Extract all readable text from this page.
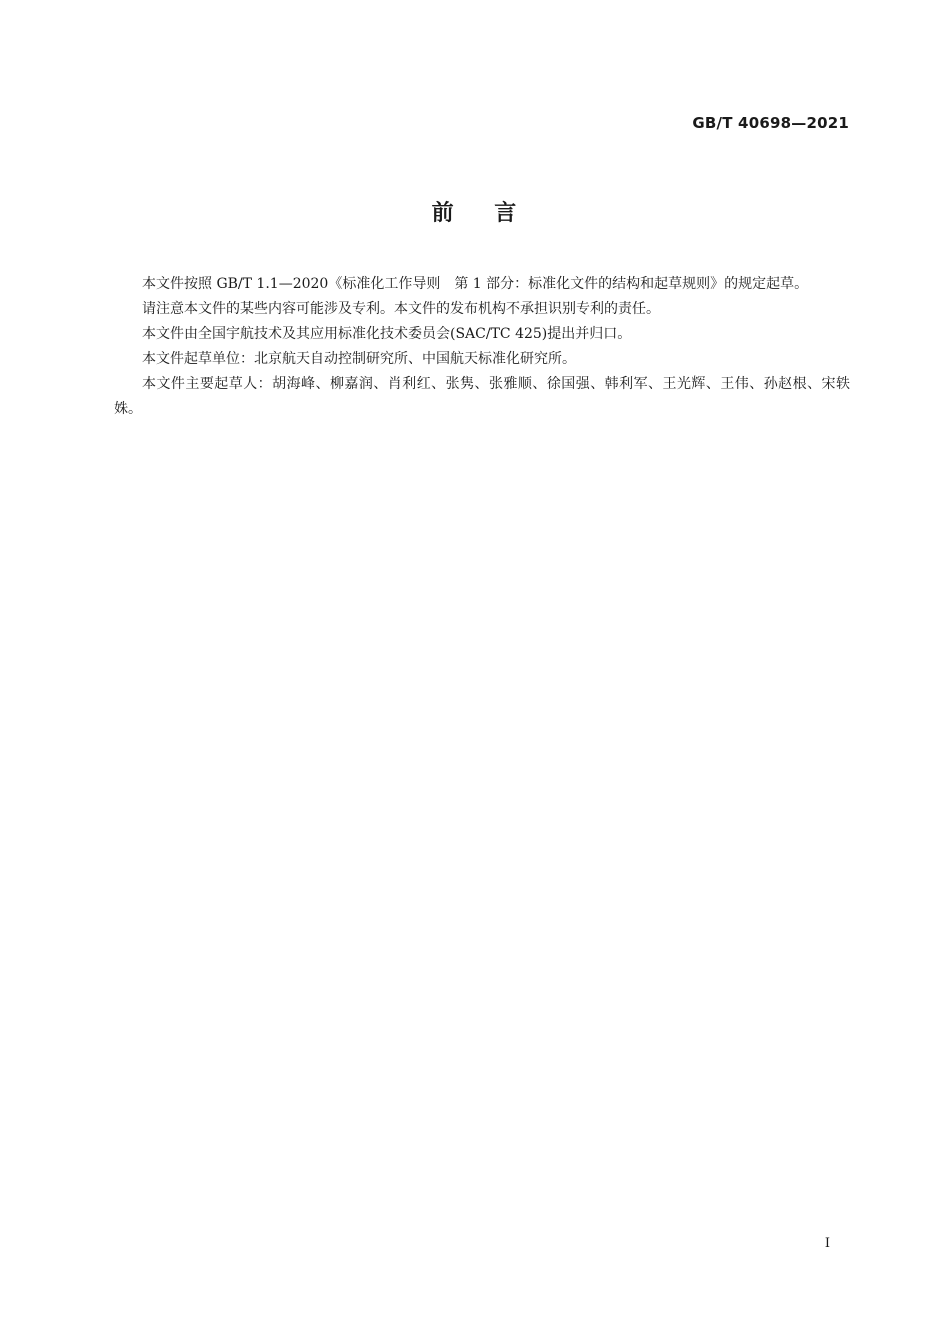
GB/T 40698—2021
前    言

本文件按照 GB/T 1.1—2020《标准化工作导则　第 1 部分：标准化文件的结构和起草规则》的规定起草。

请注意本文件的某些内容可能涉及专利。本文件的发布机构不承担识别专利的责任。

本文件由全国宇航技术及其应用标准化技术委员会(SAC/TC 425)提出并归口。

本文件起草单位：北京航天自动控制研究所、中国航天标准化研究所。

本文件主要起草人：胡海峰、柳嘉润、肖利红、张隽、张雅顺、徐国强、韩利军、王光辉、王伟、孙赵根、宋轶姝。

I
